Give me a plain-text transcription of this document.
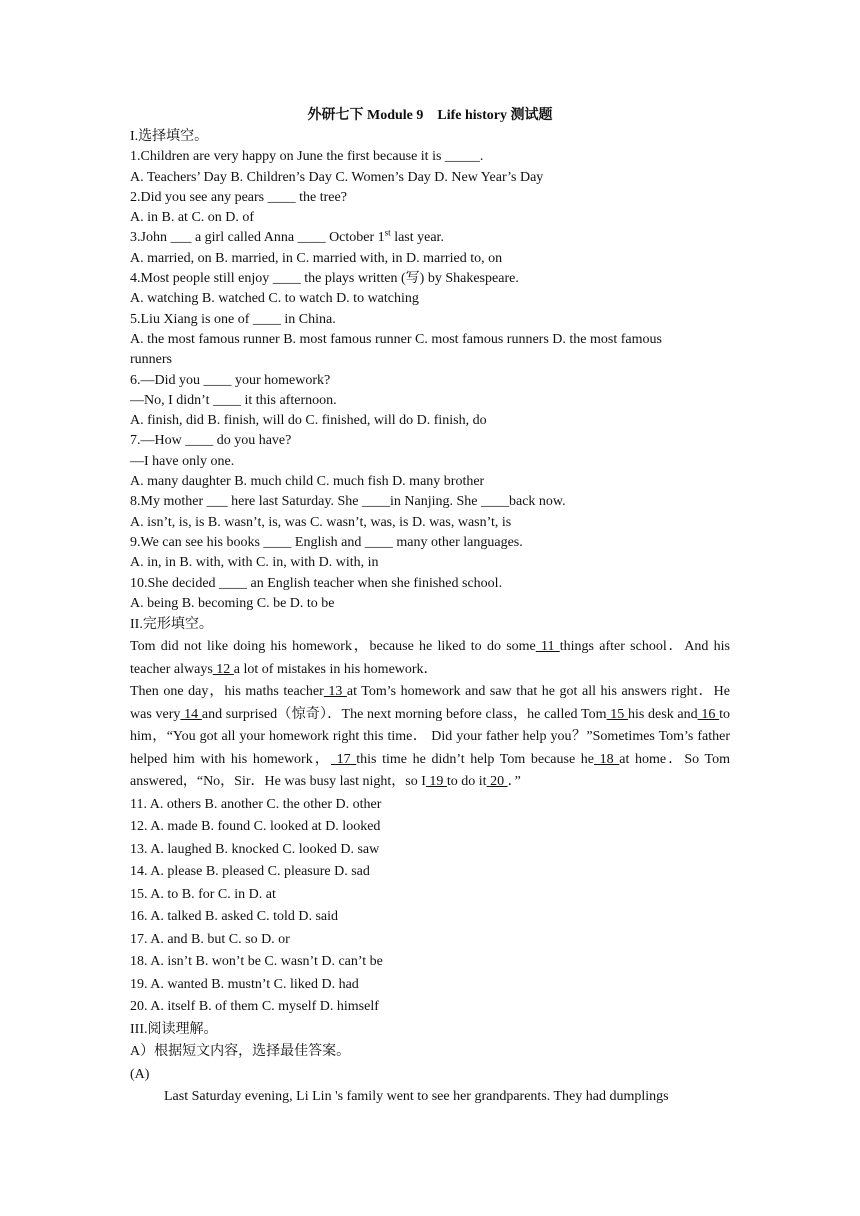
外研七下 Module 9　Life history 测试题
I.选择填空。
1.Children are very happy on June the first because it is _____.
A. Teachers’ Day B. Children’s Day C. Women’s Day D. New Year’s Day
2.Did you see any pears ____ the tree?
A. in B. at C. on D. of
3.John ___ a girl called Anna ____ October 1st last year.
A. married, on B. married, in C. married with, in D. married to, on
4.Most people still enjoy ____ the plays written (写) by Shakespeare.
A. watching B. watched C. to watch D. to watching
5.Liu Xiang is one of ____ in China.
A. the most famous runner B. most famous runner C. most famous runners D. the most famous runners
6.—Did you ____ your homework?
—No, I didn’t ____ it this afternoon.
A. finish, did B. finish, will do C. finished, will do D. finish, do
7.—How ____ do you have?
—I have only one.
A. many daughter B. much child C. much fish D. many brother
8.My mother ___ here last Saturday. She ____in Nanjing. She ____back now.
A. isn’t, is, is B. wasn’t, is, was C. wasn’t, was, is D. was, wasn’t, is
9.We can see his books ____ English and ____ many other languages.
A. in, in B. with, with C. in, with D. with, in
10.She decided ____ an English teacher when she finished school.
A. being B. becoming C. be D. to be
II.完形填空。
Tom did not like doing his homework，because he liked to do some 11 things after school．And his teacher always 12 a lot of mistakes in his homework．
Then one day，his maths teacher 13 at Tom’s homework and saw that he got all his answers right．He was very 14 and surprised（惊奇）．The next morning before class，he called Tom 15 his desk and 16 to him，“You got all your homework right this time． Did your father help you？”Sometimes Tom’s father helped him with his homework， 17 this time he didn’t help Tom because he 18 at home．So Tom answered，“No，Sir．He was busy last night，so I 19 to do it 20 ．”
11. A. others B. another C. the other D. other
12. A. made B. found C. looked at D. looked
13. A. laughed B. knocked C. looked D. saw
14. A. please B. pleased C. pleasure D. sad
15. A. to B. for C. in D. at
16. A. talked B. asked C. told D. said
17. A. and B. but C. so D. or
18. A. isn’t B. won’t be C. wasn’t D. can’t be
19. A. wanted B. mustn’t C. liked D. had
20. A. itself B. of them C. myself D. himself
III.阅读理解。
A）根据短文内容，选择最佳答案。
(A)
Last Saturday evening, Li Lin 's family went to see her grandparents. They had dumplings
